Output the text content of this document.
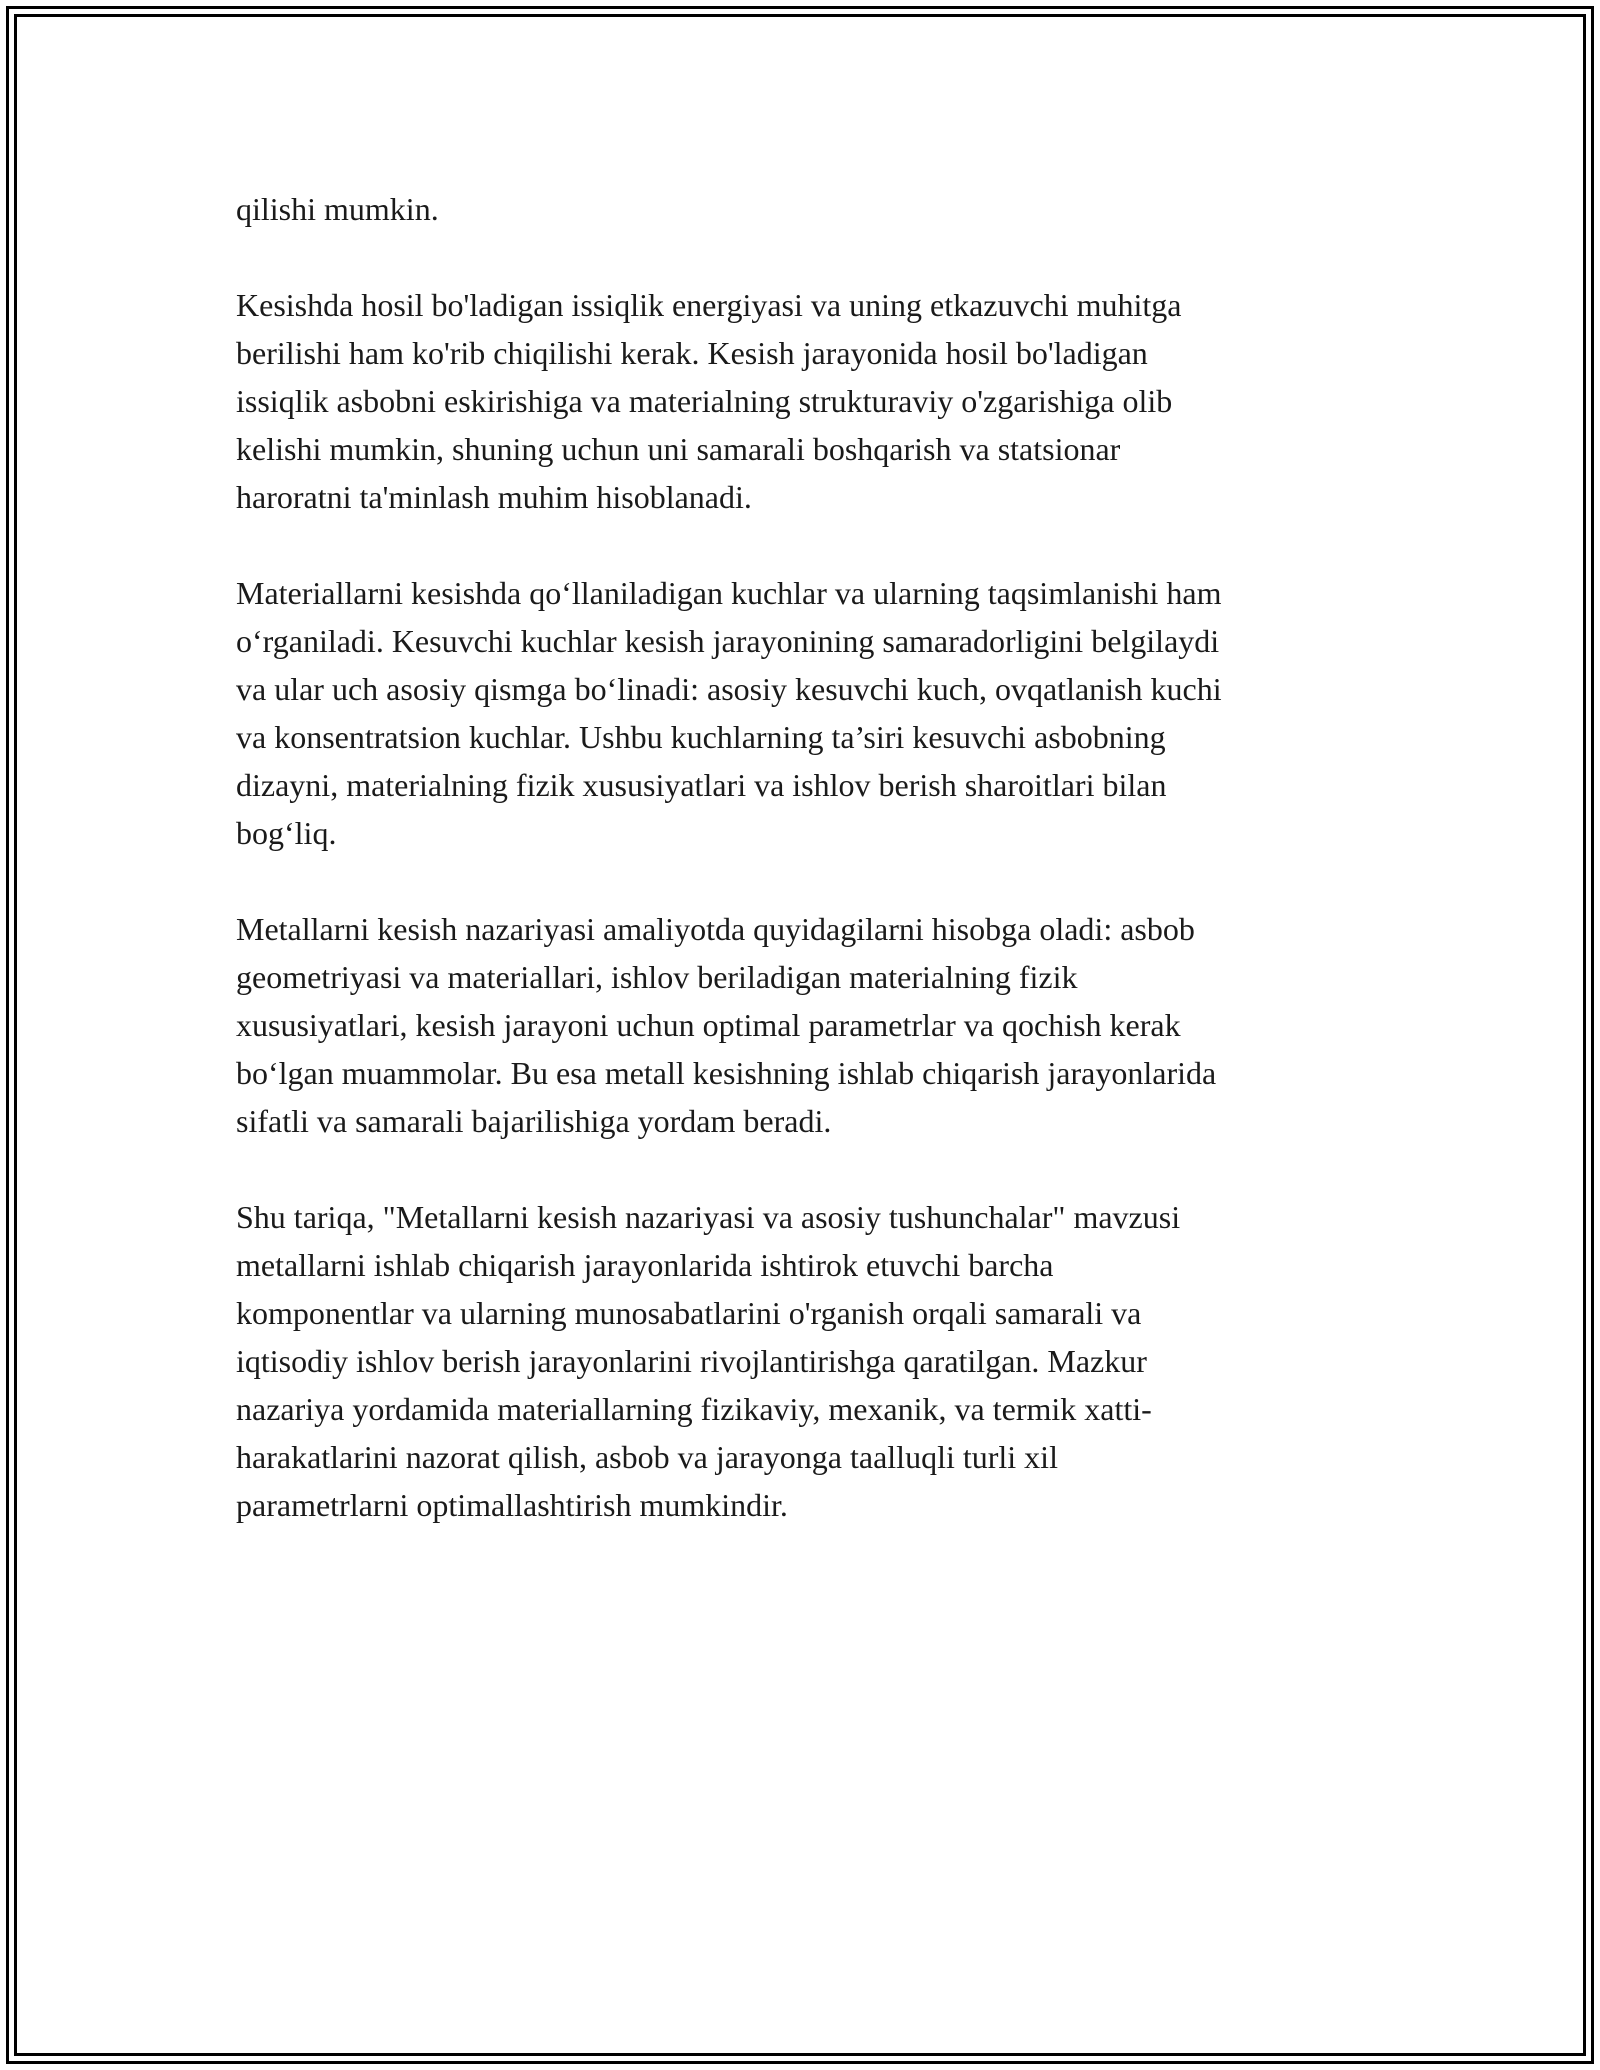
qilishi mumkin.

Kesishda hosil bo'ladigan issiqlik energiyasi va uning etkazuvchi muhitga
berilishi ham ko'rib chiqilishi kerak. Kesish jarayonida hosil bo'ladigan
issiqlik asbobni eskirishiga va materialning strukturaviy o'zgarishiga olib
kelishi mumkin, shuning uchun uni samarali boshqarish va statsionar
haroratni ta'minlash muhim hisoblanadi.

Materiallarni kesishda qo‘llaniladigan kuchlar va ularning taqsimlanishi ham
o‘rganiladi. Kesuvchi kuchlar kesish jarayonining samaradorligini belgilaydi
va ular uch asosiy qismga bo‘linadi: asosiy kesuvchi kuch, ovqatlanish kuchi
va konsentratsion kuchlar. Ushbu kuchlarning ta’siri kesuvchi asbobning
dizayni, materialning fizik xususiyatlari va ishlov berish sharoitlari bilan
bog‘liq.

Metallarni kesish nazariyasi amaliyotda quyidagilarni hisobga oladi: asbob
geometriyasi va materiallari, ishlov beriladigan materialning fizik
xususiyatlari, kesish jarayoni uchun optimal parametrlar va qochish kerak
bo‘lgan muammolar. Bu esa metall kesishning ishlab chiqarish jarayonlarida
sifatli va samarali bajarilishiga yordam beradi.

Shu tariqa, "Metallarni kesish nazariyasi va asosiy tushunchalar" mavzusi
metallarni ishlab chiqarish jarayonlarida ishtirok etuvchi barcha
komponentlar va ularning munosabatlarini o'rganish orqali samarali va
iqtisodiy ishlov berish jarayonlarini rivojlantirishga qaratilgan. Mazkur
nazariya yordamida materiallarning fizikaviy, mexanik, va termik xatti-
harakatlarini nazorat qilish, asbob va jarayonga taalluqli turli xil
parametrlarni optimallashtirish mumkindir.
